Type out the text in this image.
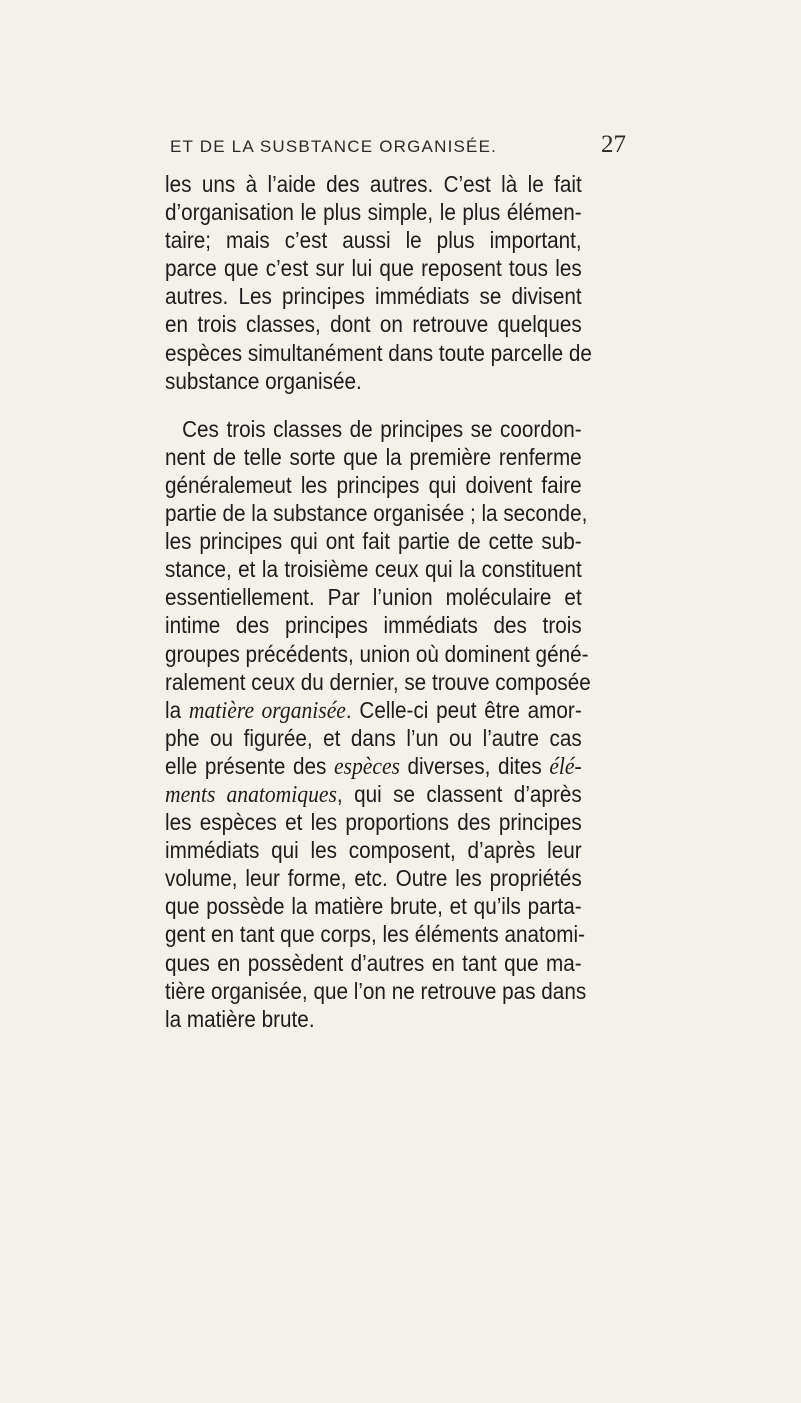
ET DE LA SUSBTANCE ORGANISÉE.	27
les uns à l’aide des autres. C’est là le fait
d’organisation le plus simple, le plus élémen-
taire; mais c’est aussi le plus important,
parce que c’est sur lui que reposent tous les
autres. Les principes immédiats se divisent
en trois classes, dont on retrouve quelques
espèces simultanément dans toute parcelle de
substance organisée.
Ces trois classes de principes se coordon-
nent de telle sorte que la première renferme
généralemeut les principes qui doivent faire
partie de la substance organisée ; la seconde,
les principes qui ont fait partie de cette sub-
stance, et la troisième ceux qui la constituent
essentiellement. Par l’union moléculaire et
intime des principes immédiats des trois
groupes précédents, union où dominent géné-
ralement ceux du dernier, se trouve composée
la matière organisée. Celle-ci peut être amor-
phe ou figurée, et dans l’un ou l’autre cas
elle présente des espèces diverses, dites élé-
ments anatomiques, qui se classent d’après
les espèces et les proportions des principes
immédiats qui les composent, d’après leur
volume, leur forme, etc. Outre les propriétés
que possède la matière brute, et qu’ils parta-
gent en tant que corps, les éléments anatomi-
ques en possèdent d’autres en tant que ma-
tière organisée, que l’on ne retrouve pas dans
la matière brute.
